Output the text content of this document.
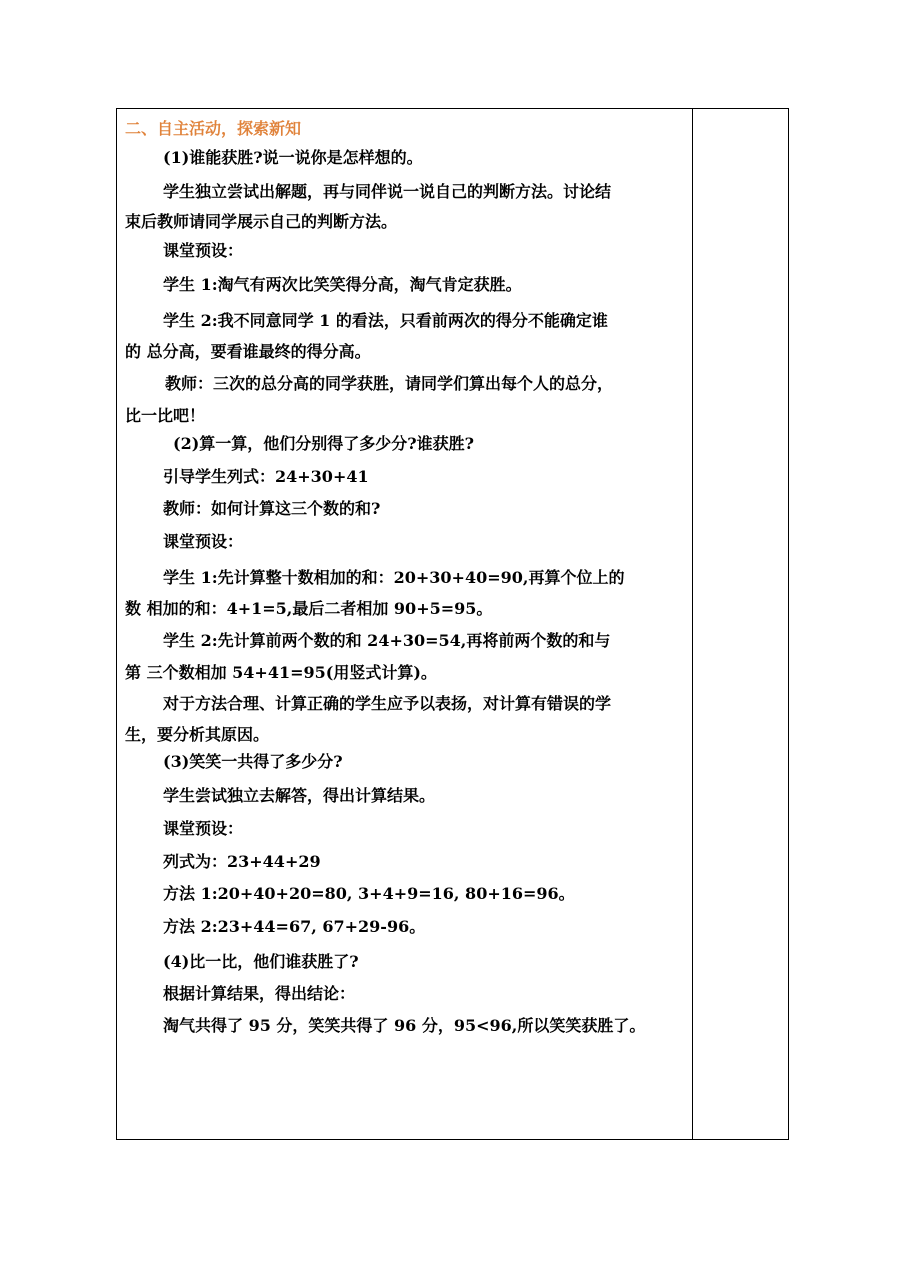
二、自主活动，探索新知
(1)谁能获胜?说一说你是怎样想的。
学生独立尝试出解题，再与同伴说一说自己的判断方法。讨论结
束后教师请同学展示自己的判断方法。
课堂预设：
学生 1:淘气有两次比笑笑得分高，淘气肯定获胜。
学生 2:我不同意同学 1 的看法，只看前两次的得分不能确定谁
的 总分高，要看谁最终的得分高。
教师：三次的总分高的同学获胜，请同学们算出每个人的总分，
比一比吧！
(2)算一算，他们分别得了多少分?谁获胜?
引导学生列式：24+30+41
教师：如何计算这三个数的和?
课堂预设：
学生 1:先计算整十数相加的和：20+30+40=90,再算个位上的
数 相加的和：4+1=5,最后二者相加 90+5=95。
学生 2:先计算前两个数的和 24+30=54,再将前两个数的和与
第 三个数相加 54+41=95(用竖式计算)。
对于方法合理、计算正确的学生应予以表扬，对计算有错误的学
生，要分析其原因。
(3)笑笑一共得了多少分?
学生尝试独立去解答，得出计算结果。
课堂预设：
列式为：23+44+29
方法 1:20+40+20=80, 3+4+9=16, 80+16=96。
方法 2:23+44=67, 67+29-96。
(4)比一比，他们谁获胜了?
根据计算结果，得出结论：
淘气共得了 95 分，笑笑共得了 96 分，95<96,所以笑笑获胜了。
